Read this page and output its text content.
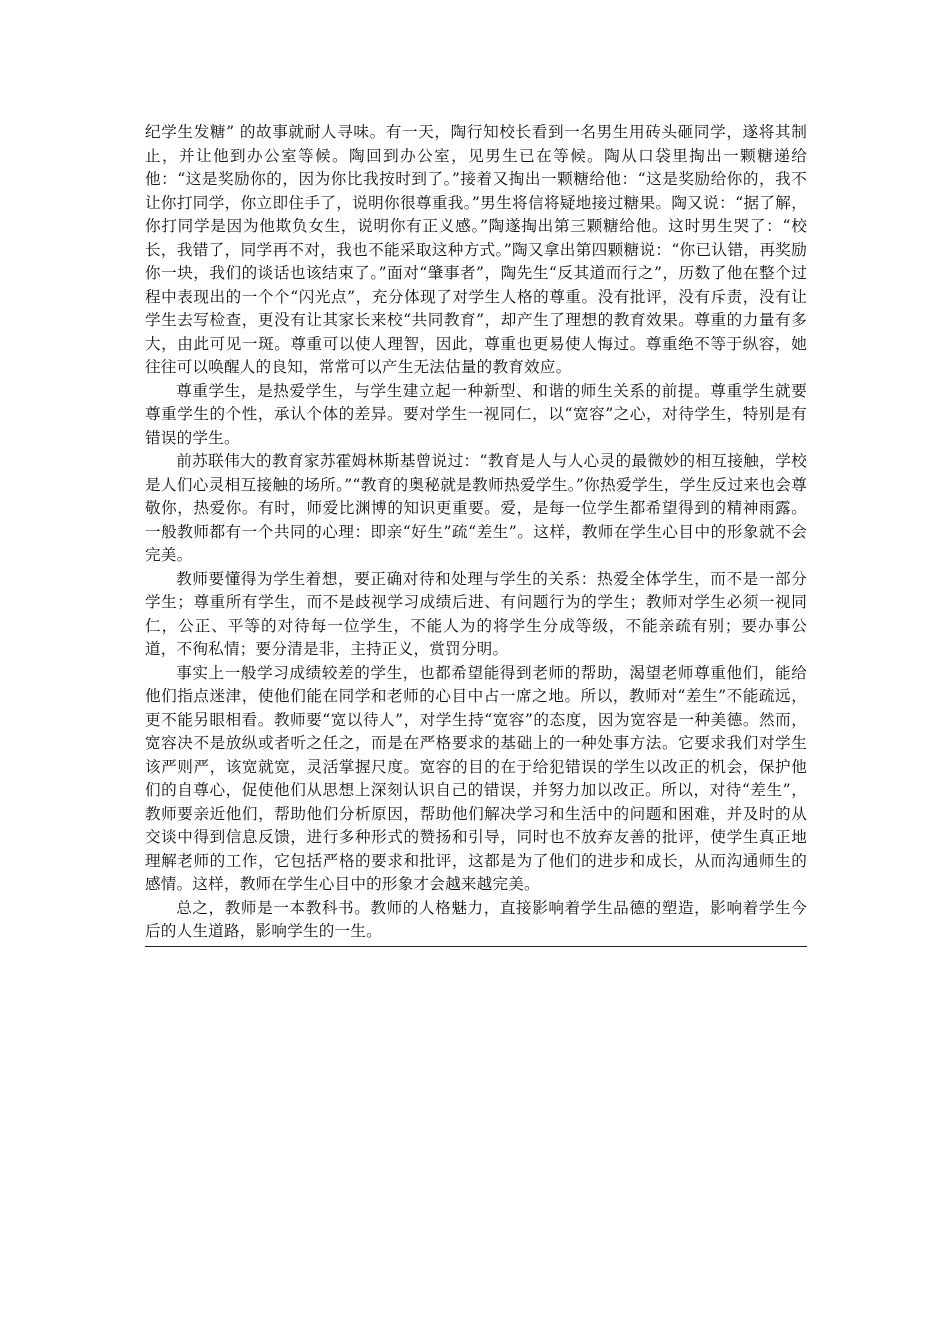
纪学生发糖” 的故事就耐人寻味。有一天，陶行知校长看到一名男生用砖头砸同学，遂将其制止，并让他到办公室等候。陶回到办公室，见男生已在等候。陶从口袋里掏出一颗糖递给他：“这是奖励你的，因为你比我按时到了。”接着又掏出一颗糖给他：“这是奖励给你的，我不让你打同学，你立即住手了，说明你很尊重我。”男生将信将疑地接过糖果。陶又说：“据了解，你打同学是因为他欺负女生，说明你有正义感。”陶遂掏出第三颗糖给他。这时男生哭了：“校长，我错了，同学再不对，我也不能采取这种方式。”陶又拿出第四颗糖说：“你已认错，再奖励你一块，我们的谈话也该结束了。”面对“肇事者”，陶先生“反其道而行之”，历数了他在整个过程中表现出的一个个“闪光点”，充分体现了对学生人格的尊重。没有批评，没有斥责，没有让学生去写检查，更没有让其家长来校“共同教育”，却产生了理想的教育效果。尊重的力量有多大，由此可见一斑。尊重可以使人理智，因此，尊重也更易使人悔过。尊重绝不等于纵容，她往往可以唤醒人的良知，常常可以产生无法估量的教育效应。

尊重学生，是热爱学生，与学生建立起一种新型、和谐的师生关系的前提。尊重学生就要尊重学生的个性，承认个体的差异。要对学生一视同仁，以“宽容”之心，对待学生，特别是有错误的学生。

前苏联伟大的教育家苏霍姆林斯基曾说过：“教育是人与人心灵的最微妙的相互接触，学校是人们心灵相互接触的场所。”“教育的奥秘就是教师热爱学生。”你热爱学生，学生反过来也会尊敬你，热爱你。有时，师爱比渊博的知识更重要。爱，是每一位学生都希望得到的精神雨露。一般教师都有一个共同的心理：即亲“好生”疏“差生”。这样，教师在学生心目中的形象就不会完美。

教师要懂得为学生着想，要正确对待和处理与学生的关系：热爱全体学生，而不是一部分学生；尊重所有学生，而不是歧视学习成绩后进、有问题行为的学生；教师对学生必须一视同仁，公正、平等的对待每一位学生，不能人为的将学生分成等级，不能亲疏有别；要办事公道，不徇私情；要分清是非，主持正义，赏罚分明。

事实上一般学习成绩较差的学生，也都希望能得到老师的帮助，渴望老师尊重他们，能给他们指点迷津，使他们能在同学和老师的心目中占一席之地。所以，教师对“差生”不能疏远，更不能另眼相看。教师要“宽以待人”，对学生持“宽容”的态度，因为宽容是一种美德。然而，宽容决不是放纵或者听之任之，而是在严格要求的基础上的一种处事方法。它要求我们对学生该严则严，该宽就宽，灵活掌握尺度。宽容的目的在于给犯错误的学生以改正的机会，保护他们的自尊心，促使他们从思想上深刻认识自己的错误，并努力加以改正。所以，对待“差生”，教师要亲近他们，帮助他们分析原因，帮助他们解决学习和生活中的问题和困难，并及时的从交谈中得到信息反馈，进行多种形式的赞扬和引导，同时也不放弃友善的批评，使学生真正地理解老师的工作，它包括严格的要求和批评，这都是为了他们的进步和成长，从而沟通师生的感情。这样，教师在学生心目中的形象才会越来越完美。

总之，教师是一本教科书。教师的人格魅力，直接影响着学生品德的塑造，影响着学生今后的人生道路，影响学生的一生。
